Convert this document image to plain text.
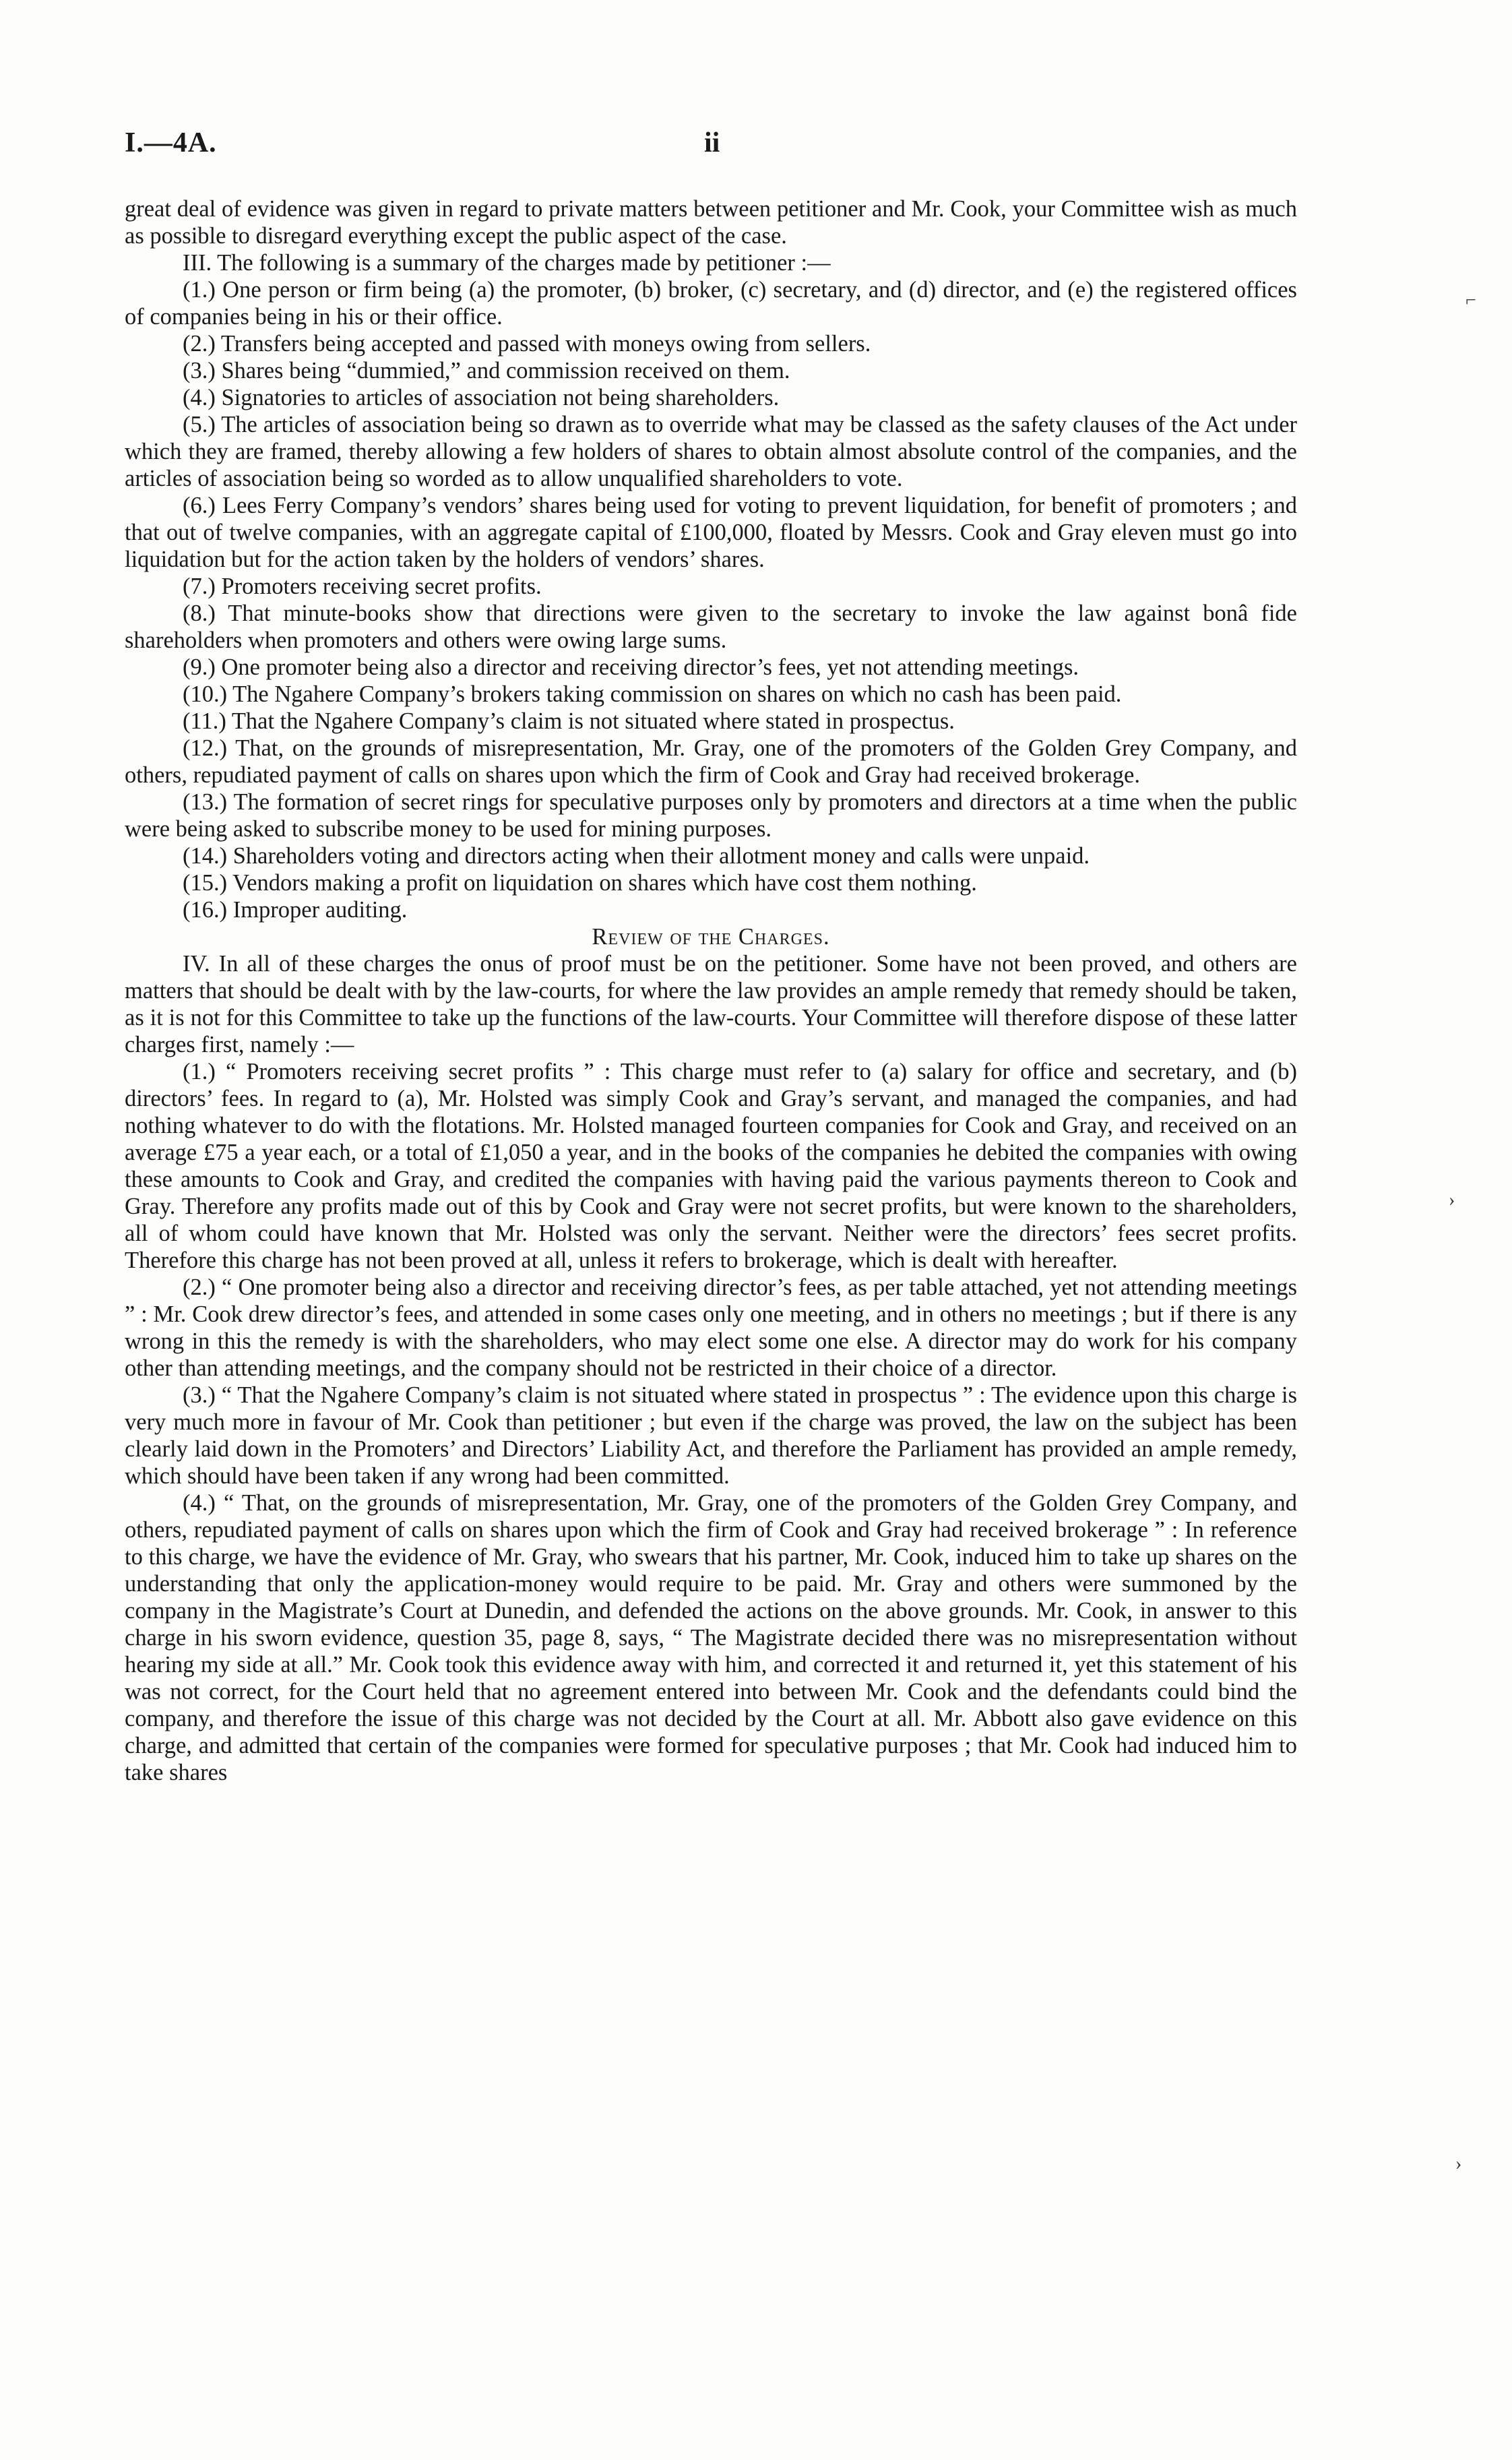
I.—4A.	ii

great deal of evidence was given in regard to private matters between petitioner and Mr. Cook, your Committee wish as much as possible to disregard everything except the public aspect of the case.

III. The following is a summary of the charges made by petitioner :—

(1.) One person or firm being (a) the promoter, (b) broker, (c) secretary, and (d) director, and (e) the registered offices of companies being in his or their office.

(2.) Transfers being accepted and passed with moneys owing from sellers.

(3.) Shares being “dummied,” and commission received on them.

(4.) Signatories to articles of association not being shareholders.

(5.) The articles of association being so drawn as to override what may be classed as the safety clauses of the Act under which they are framed, thereby allowing a few holders of shares to obtain almost absolute control of the companies, and the articles of association being so worded as to allow unqualified shareholders to vote.

(6.) Lees Ferry Company’s vendors’ shares being used for voting to prevent liquidation, for benefit of promoters ; and that out of twelve companies, with an aggregate capital of £100,000, floated by Messrs. Cook and Gray eleven must go into liquidation but for the action taken by the holders of vendors’ shares.

(7.) Promoters receiving secret profits.

(8.) That minute-books show that directions were given to the secretary to invoke the law against bonâ fide shareholders when promoters and others were owing large sums.

(9.) One promoter being also a director and receiving director’s fees, yet not attending meetings.

(10.) The Ngahere Company’s brokers taking commission on shares on which no cash has been paid.

(11.) That the Ngahere Company’s claim is not situated where stated in prospectus.

(12.) That, on the grounds of misrepresentation, Mr. Gray, one of the promoters of the Golden Grey Company, and others, repudiated payment of calls on shares upon which the firm of Cook and Gray had received brokerage.

(13.) The formation of secret rings for speculative purposes only by promoters and directors at a time when the public were being asked to subscribe money to be used for mining purposes.

(14.) Shareholders voting and directors acting when their allotment money and calls were unpaid.

(15.) Vendors making a profit on liquidation on shares which have cost them nothing.

(16.) Improper auditing.

Review of the Charges.

IV. In all of these charges the onus of proof must be on the petitioner. Some have not been proved, and others are matters that should be dealt with by the law-courts, for where the law provides an ample remedy that remedy should be taken, as it is not for this Committee to take up the functions of the law-courts. Your Committee will therefore dispose of these latter charges first, namely :—

(1.) “ Promoters receiving secret profits ” : This charge must refer to (a) salary for office and secretary, and (b) directors’ fees. In regard to (a), Mr. Holsted was simply Cook and Gray’s servant, and managed the companies, and had nothing whatever to do with the flotations. Mr. Holsted managed fourteen companies for Cook and Gray, and received on an average £75 a year each, or a total of £1,050 a year, and in the books of the companies he debited the companies with owing these amounts to Cook and Gray, and credited the companies with having paid the various payments thereon to Cook and Gray. Therefore any profits made out of this by Cook and Gray were not secret profits, but were known to the shareholders, all of whom could have known that Mr. Holsted was only the servant. Neither were the directors’ fees secret profits. Therefore this charge has not been proved at all, unless it refers to brokerage, which is dealt with hereafter.

(2.) “ One promoter being also a director and receiving director’s fees, as per table attached, yet not attending meetings ” : Mr. Cook drew director’s fees, and attended in some cases only one meeting, and in others no meetings ; but if there is any wrong in this the remedy is with the shareholders, who may elect some one else. A director may do work for his company other than attending meetings, and the company should not be restricted in their choice of a director.

(3.) “ That the Ngahere Company’s claim is not situated where stated in prospectus ” : The evidence upon this charge is very much more in favour of Mr. Cook than petitioner ; but even if the charge was proved, the law on the subject has been clearly laid down in the Promoters’ and Directors’ Liability Act, and therefore the Parliament has provided an ample remedy, which should have been taken if any wrong had been committed.

(4.) “ That, on the grounds of misrepresentation, Mr. Gray, one of the promoters of the Golden Grey Company, and others, repudiated payment of calls on shares upon which the firm of Cook and Gray had received brokerage ” : In reference to this charge, we have the evidence of Mr. Gray, who swears that his partner, Mr. Cook, induced him to take up shares on the understanding that only the application-money would require to be paid. Mr. Gray and others were summoned by the company in the Magistrate’s Court at Dunedin, and defended the actions on the above grounds. Mr. Cook, in answer to this charge in his sworn evidence, question 35, page 8, says, “ The Magistrate decided there was no misrepresentation without hearing my side at all.” Mr. Cook took this evidence away with him, and corrected it and returned it, yet this statement of his was not correct, for the Court held that no agreement entered into between Mr. Cook and the defendants could bind the company, and therefore the issue of this charge was not decided by the Court at all. Mr. Abbott also gave evidence on this charge, and admitted that certain of the companies were formed for speculative purposes ; that Mr. Cook had induced him to take shares

⌐
›
›
